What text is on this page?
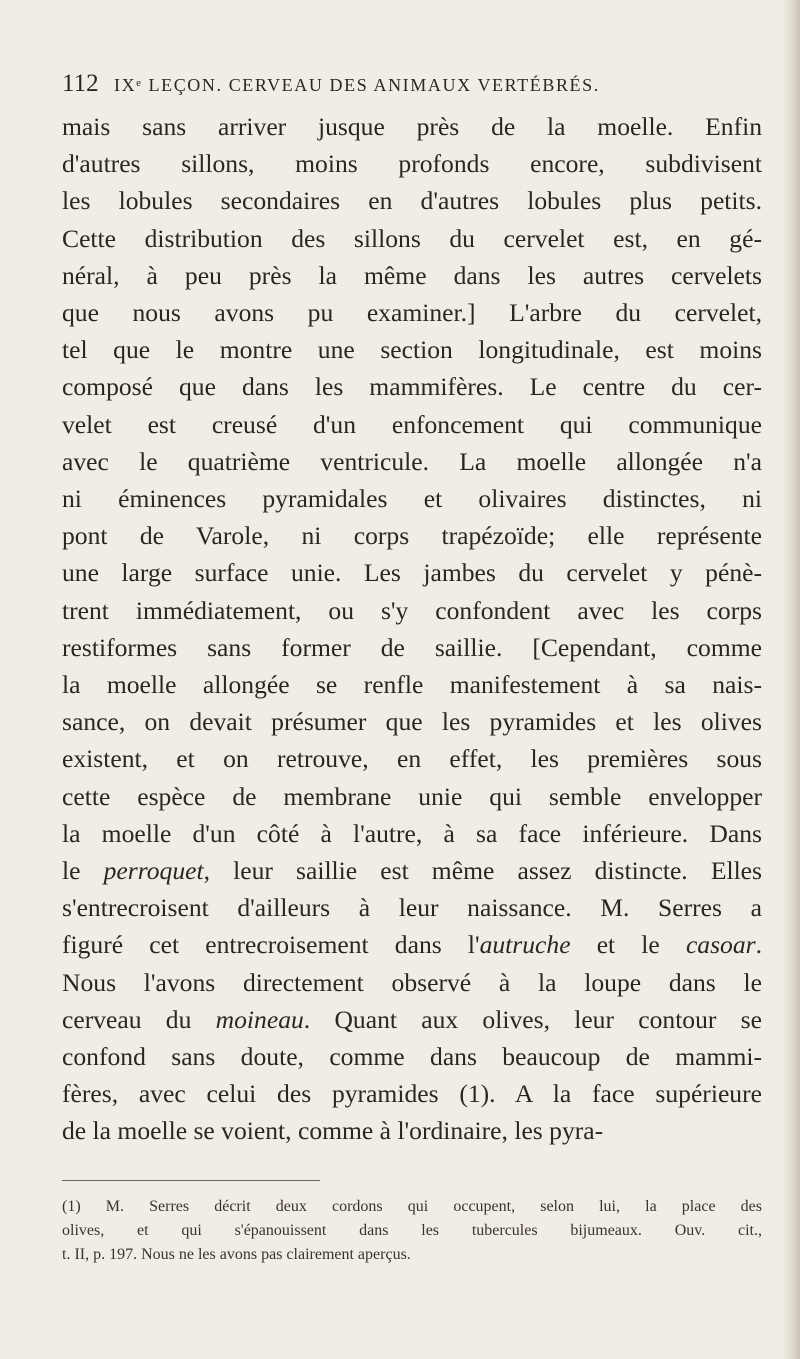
112 IXᵉ LEÇON. CERVEAU DES ANIMAUX VERTÉBRÉS.
mais sans arriver jusque près de la moelle. Enfin
d'autres sillons, moins profonds encore, subdivisent
les lobules secondaires en d'autres lobules plus petits.
Cette distribution des sillons du cervelet est, en gé-
néral, à peu près la même dans les autres cervelets
que nous avons pu examiner.] L'arbre du cervelet,
tel que le montre une section longitudinale, est moins
composé que dans les mammifères. Le centre du cer-
velet est creusé d'un enfoncement qui communique
avec le quatrième ventricule. La moelle allongée n'a
ni éminences pyramidales et olivaires distinctes, ni
pont de Varole, ni corps trapézoïde; elle représente
une large surface unie. Les jambes du cervelet y pénè-
trent immédiatement, ou s'y confondent avec les corps
restiformes sans former de saillie. [Cependant, comme
la moelle allongée se renfle manifestement à sa nais-
sance, on devait présumer que les pyramides et les olives
existent, et on retrouve, en effet, les premières sous
cette espèce de membrane unie qui semble envelopper
la moelle d'un côté à l'autre, à sa face inférieure. Dans
le perroquet, leur saillie est même assez distincte. Elles
s'entrecroisent d'ailleurs à leur naissance. M. Serres a
figuré cet entrecroisement dans l'autruche et le casoar.
Nous l'avons directement observé à la loupe dans le
cerveau du moineau. Quant aux olives, leur contour se
confond sans doute, comme dans beaucoup de mammi-
fères, avec celui des pyramides (1). A la face supérieure
de la moelle se voient, comme à l'ordinaire, les pyra-
(1) M. Serres décrit deux cordons qui occupent, selon lui, la place des
olives, et qui s'épanouissent dans les tubercules bijumeaux. Ouv. cit.,
t. II, p. 197. Nous ne les avons pas clairement aperçus.
